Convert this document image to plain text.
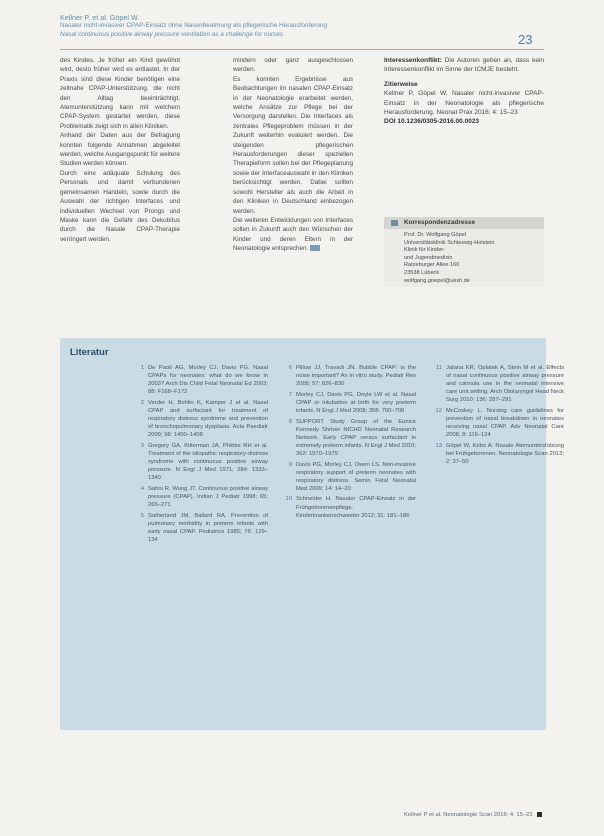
Kellner P, et al. Göpel W.
Nasaler nicht-invasiver CPAP-Einsatz ohne Nasenbeatmung als pflegerische Herausforderung
Nasal continuous positive airway pressure ventilation as a challenge for nurses	23

des Kindes. Je früher ein Kind gewöhnt wird, desto früher wird es entlastet. In der Praxis sind diese Kinder benötigen eine zeitnahe CPAP-Unterstützung, die nicht den Alltag beeinträchtigt. Atemunterstützung kann mit welchem CPAP-System gestartet werden, diese Problematik zeigt sich in allen Kliniken.

Anhand der Daten aus der Befragung konnten folgende Annahmen abgeleitet werden, welche Ausgangspunkt für weitere Studien werden können.

Durch eine adäquate Schulung des Personals und damit verbundenen gemeinsamen Handeln, sowie durch die Auswahl der richtigen Interfaces und individuellen Wechsel von Prongs und Maske kann die Gefahr des Dekubitus durch die Nasale CPAP-Therapie verringert werden.

mindern oder ganz ausgeschlossen werden.

Es konnten Ergebnisse aus Beobachtungen im nasalen CPAP-Einsatz in der Neonatologie erarbeitet werden, welche Ansätze zur Pflege bei der Versorgung darstellen. Die Interfaces als zentrales Pflegeproblem müssen in der Zukunft weiterhin evaluiert werden. Die steigenden pflegerischen Herausforderungen dieser speziellen Therapieform sollen bei der Pflegeplanung sowie der Interfaceauswahl in den Kliniken berücksichtigt werden. Dabei sollten sowohl Hersteller als auch die Arbeit in den Kliniken in Deutschland einbezogen werden.

Die weiteren Entwicklungen von Interfaces sollen in Zukunft auch den Wünschen der Kinder und deren Eltern in der Neonatologie entsprechen.

Interessenkonflikt: Die Autoren geben an, dass kein Interessenkonflikt im Sinne der ICMJE besteht.

Zitierweise

Kellner P, Göpel W. Nasaler nicht-invasiver CPAP-Einsatz in der Neonatologie als pflegerische Herausforderung. Neonat Prax 2016; 4: 15–23

DOI 10.1236/0305-2016.00.0023

Korrespondenzadresse
Prof. Dr. Wolfgang Göpel
Universitätsklinik Schleswig-Holstein
Klinik für Kinder-
und Jugendmedizin
Ratzeburger Allee 160
23538 Lübeck
wolfgang.goepel@uksh.de
Literatur
1 De Paoli AG, Morley CJ, Davis PG. Nasal CPAPs for neonates: what do we know in 2003? Arch Dis Child Fetal Neonatal Ed 2003; 88: F168–F172
2 Verder H, Bohlin K, Kamper J et al. Nasal CPAP and surfactant for treatment of respiratory distress syndrome and prevention of bronchopulmonary dysplasia. Acta Paediatr 2009; 98: 1400–1408
3 Gregory GA, Kitterman JA, Phibbs RH et al. Treatment of the idiopathic respiratory-distress syndrome with continuous positive airway pressure. N Engl J Med 1971; 284: 1333–1340
4 Sahni R, Wung JT. Continuous positive airway pressure (CPAP). Indian J Pediatr 1998; 65: 265–271
5 Sutherland JM, Ballard RA. Prevention of pulmonary morbidity in preterm infants with early nasal CPAP. Pediatrics 1985; 76: 129–134
6 Pillow JJ, Travadi JN. Bubble CPAP: is the noise important? An in vitro study. Pediatr Res 2005; 57: 826–830
7 Morley CJ, Davis PG, Doyle LW et al. Nasal CPAP or intubation at birth for very preterm infants. N Engl J Med 2008; 358: 700–708
8 SUPPORT Study Group of the Eunice Kennedy Shriver NICHD Neonatal Research Network. Early CPAP versus surfactant in extremely preterm infants. N Engl J Med 2010; 362: 1970–1979
9 Davis PG, Morley CJ, Owen LS. Non-invasive respiratory support of preterm neonates with respiratory distress. Semin Fetal Neonatal Med 2009; 14: 14–20
10 Schneider H. Nasaler CPAP-Einsatz in der Frühgeborenenpflege. Kinderkrankenschwester 2012; 31: 181–186
11 Jatana KR, Oplatek A, Stein M et al. Effects of nasal continuous positive airway pressure and cannula use in the neonatal intensive care unit setting. Arch Otolaryngol Head Neck Surg 2010; 136: 287–291
12 McCoskey L. Nursing care guidelines for prevention of nasal breakdown in neonates receiving nasal CPAP. Adv Neonatal Care 2008; 8: 116–124
13 Göpel W, Kribs A. Nasale Atemunterstützung bei Frühgeborenen. Neonatologie Scan 2013; 2: 37–50
Kellner P et al. Neonatologie Scan 2016; 4: 15–23
